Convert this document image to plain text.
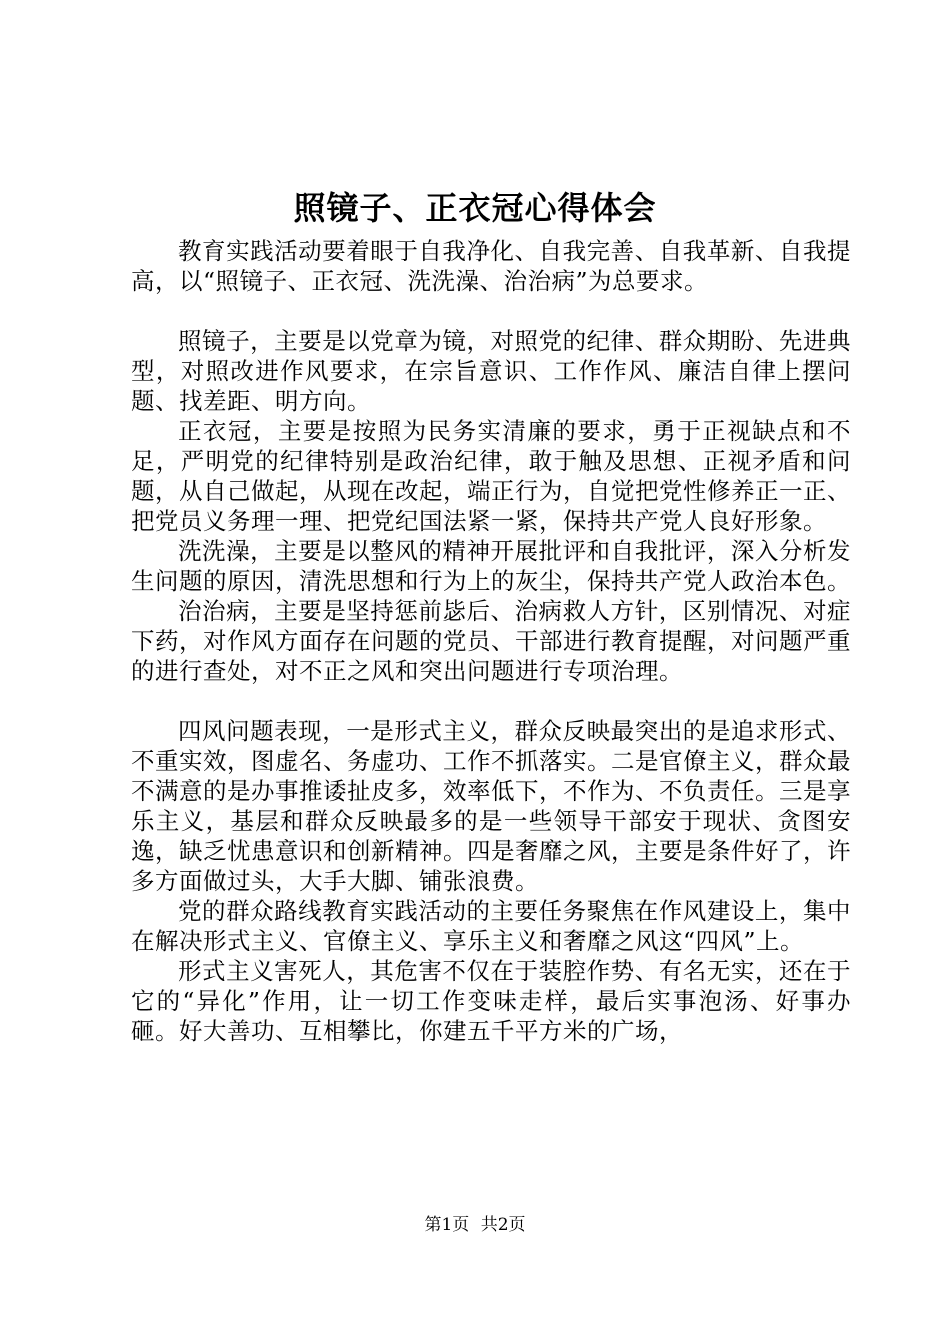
照镜子、正衣冠心得体会

教育实践活动要着眼于自我净化、自我完善、自我革新、自我提高，以“照镜子、正衣冠、洗洗澡、治治病”为总要求。

照镜子，主要是以党章为镜，对照党的纪律、群众期盼、先进典型，对照改进作风要求，在宗旨意识、工作作风、廉洁自律上摆问题、找差距、明方向。

正衣冠，主要是按照为民务实清廉的要求，勇于正视缺点和不足，严明党的纪律特别是政治纪律，敢于触及思想、正视矛盾和问题，从自己做起，从现在改起，端正行为，自觉把党性修养正一正、把党员义务理一理、把党纪国法紧一紧，保持共产党人良好形象。

洗洗澡，主要是以整风的精神开展批评和自我批评，深入分析发生问题的原因，清洗思想和行为上的灰尘，保持共产党人政治本色。

治治病，主要是坚持惩前毖后、治病救人方针，区别情况、对症下药，对作风方面存在问题的党员、干部进行教育提醒，对问题严重的进行查处，对不正之风和突出问题进行专项治理。

四风问题表现，一是形式主义，群众反映最突出的是追求形式、不重实效，图虚名、务虚功、工作不抓落实。二是官僚主义，群众最不满意的是办事推诿扯皮多，效率低下，不作为、不负责任。三是享乐主义，基层和群众反映最多的是一些领导干部安于现状、贪图安逸，缺乏忧患意识和创新精神。四是奢靡之风，主要是条件好了，许多方面做过头，大手大脚、铺张浪费。

党的群众路线教育实践活动的主要任务聚焦在作风建设上，集中在解决形式主义、官僚主义、享乐主义和奢靡之风这“四风”上。

形式主义害死人，其危害不仅在于装腔作势、有名无实，还在于它的“异化”作用，让一切工作变味走样，最后实事泡汤、好事办砸。好大善功、互相攀比，你建五千平方米的广场，

第1页 共2页
